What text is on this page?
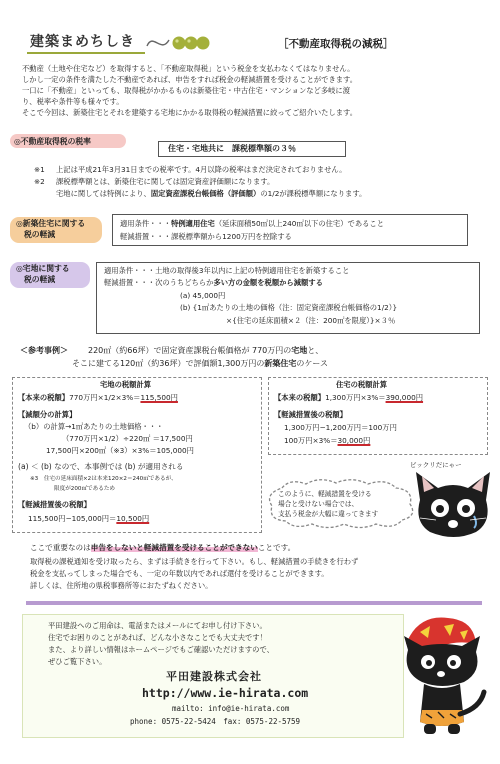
建築まめちしき	［不動産取得税の減税］
不動産（土地や住宅など）を取得すると、「不動産取得税」という税金を支払わなくてはなりません。
しかし一定の条件を満たした不動産であれば、申告をすれば税金の軽減措置を受けることができます。
一口に「不動産」といっても、取得税がかかるものは新築住宅・中古住宅・マンションなど多岐に渡
り、税率や条件等も様々です。
そこで今回は、新築住宅とそれを建築する宅地にかかる取得税の軽減措置に絞ってご紹介いたします。
◎不動産取得税の税率
住宅・宅地共に　課税標準額の３％
※1 上記は平成21年3月31日までの税率です。4月以降の税率はまだ決定されておりません。
※2 課税標準額とは、新築住宅に関しては固定資産評価額になります。
宅地に関しては特例により、固定資産課税台帳価格（評価額）の1/2が課税標準額になります。
◎新築住宅に関する
税の軽減
適用条件・・・特例適用住宅（延床面積50㎡以上240㎡以下の住宅）であること
軽減措置・・・課税標準額から1200万円を控除する
◎宅地に関する
税の軽減
適用条件・・・土地の取得後3年以内に上記の特例適用住宅を新築すること
軽減措置・・・次のうちどちらか多い方の金額を税額から減額する
(a) 45,000円
(b) {1㎡あたりの土地の価格（注：固定資産課税台帳価格の1/2）}
×{住宅の延床面積×２（注：200㎡を限度）}×３％
＜参考事例＞	220㎡（約66坪）で固定資産課税台帳価格が 770万円の宅地と、
そこに建てる120㎡（約36坪）で評価額1,300万円の新築住宅のケース
宅地の税額計算
【本来の税額】770万円×1/2×3%＝115,500円
【減額分の計算】
（b）の計算→1㎡あたりの土地価格・・・
（770万円×1/2）÷220㎡ ＝17,500円
17,500円×200㎡（※3）×3%＝105,000円
(a) ＜ (b) なので、本事例では (b) が適用される
※3　住宅の延床面積×2は本来120×2＝240㎡であるが、
限度が200㎡であるため
【軽減措置後の税額】
115,500円−105,000円＝10,500円
住宅の税額計算
【本来の税額】1,300万円×3%＝390,000円
【軽減措置後の税額】
1,300万円−1,200万円＝100万円
100万円×3%＝30,000円
このように、軽減措置を受ける
場合と受けない場合では、
支払う税金が大幅に違ってきます
ビックリだにゃー
ここで重要なのは申告をしないと軽減措置を受けることができないことです。
取得税の課税通知を受け取ったら、まずは手続きを行って下さい。もし、軽減措置の手続きを行わず
税金を支払ってしまった場合でも、一定の年数以内であれば還付を受けることができます。
詳しくは、住所地の県税事務所等におたずねください。
平田建設へのご用命は、電話またはメールにてお申し付け下さい。
住宅でお困りのことがあれば、どんな小さなことでも大丈夫です！
また、より詳しい情報はホームページでもご確認いただけますので、
ぜひご覧下さい。
平田建設株式会社
http://www.ie-hirata.com
mailto: info@ie-hirata.com
phone: 0575-22-5424　fax: 0575-22-5759
